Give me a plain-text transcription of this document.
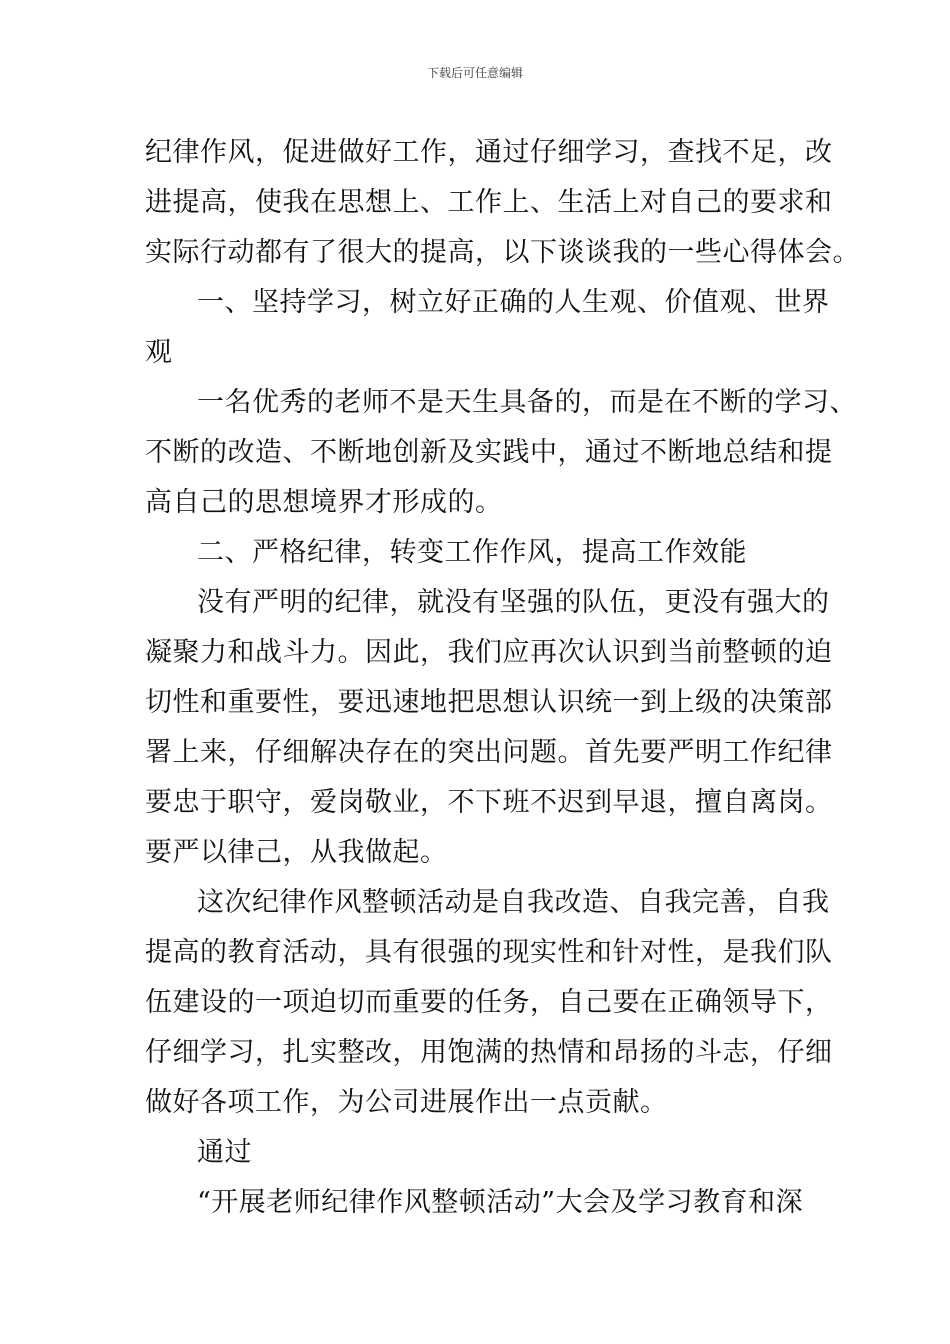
下载后可任意编辑
纪律作风，促进做好工作，通过仔细学习，查找不足，改
进提高，使我在思想上、工作上、生活上对自己的要求和
实际行动都有了很大的提高，以下谈谈我的一些心得体会。
一、坚持学习，树立好正确的人生观、价值观、世界
观
一名优秀的老师不是天生具备的，而是在不断的学习、
不断的改造、不断地创新及实践中，通过不断地总结和提
高自己的思想境界才形成的。
二、严格纪律，转变工作作风，提高工作效能
没有严明的纪律，就没有坚强的队伍，更没有强大的
凝聚力和战斗力。因此，我们应再次认识到当前整顿的迫
切性和重要性，要迅速地把思想认识统一到上级的决策部
署上来，仔细解决存在的突出问题。首先要严明工作纪律
要忠于职守，爱岗敬业，不下班不迟到早退，擅自离岗。
要严以律己，从我做起。
这次纪律作风整顿活动是自我改造、自我完善，自我
提高的教育活动，具有很强的现实性和针对性，是我们队
伍建设的一项迫切而重要的任务，自己要在正确领导下，
仔细学习，扎实整改，用饱满的热情和昂扬的斗志，仔细
做好各项工作，为公司进展作出一点贡献。
通过
“开展老师纪律作风整顿活动”大会及学习教育和深
